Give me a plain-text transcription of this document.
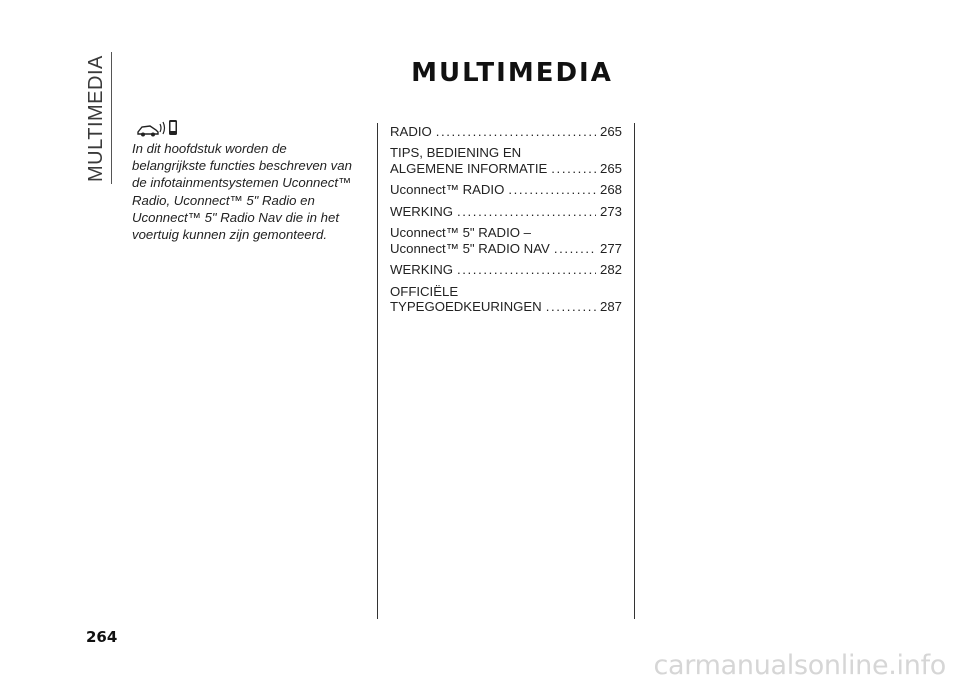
MULTIMEDIA	MULTIMEDIA
In dit hoofdstuk worden de belangrijkste functies beschreven van de infotainmentsystemen Uconnect™ Radio, Uconnect™ 5" Radio en Uconnect™ 5" Radio Nav die in het voertuig kunnen zijn gemonteerd.
RADIO .....	265
TIPS, BEDIENING EN
ALGEMENE INFORMATIE .....	265
Uconnect™ RADIO .....	268
WERKING .....	273
Uconnect™ 5" RADIO –
Uconnect™ 5" RADIO NAV .....	277
WERKING .....	282
OFFICIËLE
TYPEGOEDKEURINGEN .....	287
264
carmanualsonline.info
